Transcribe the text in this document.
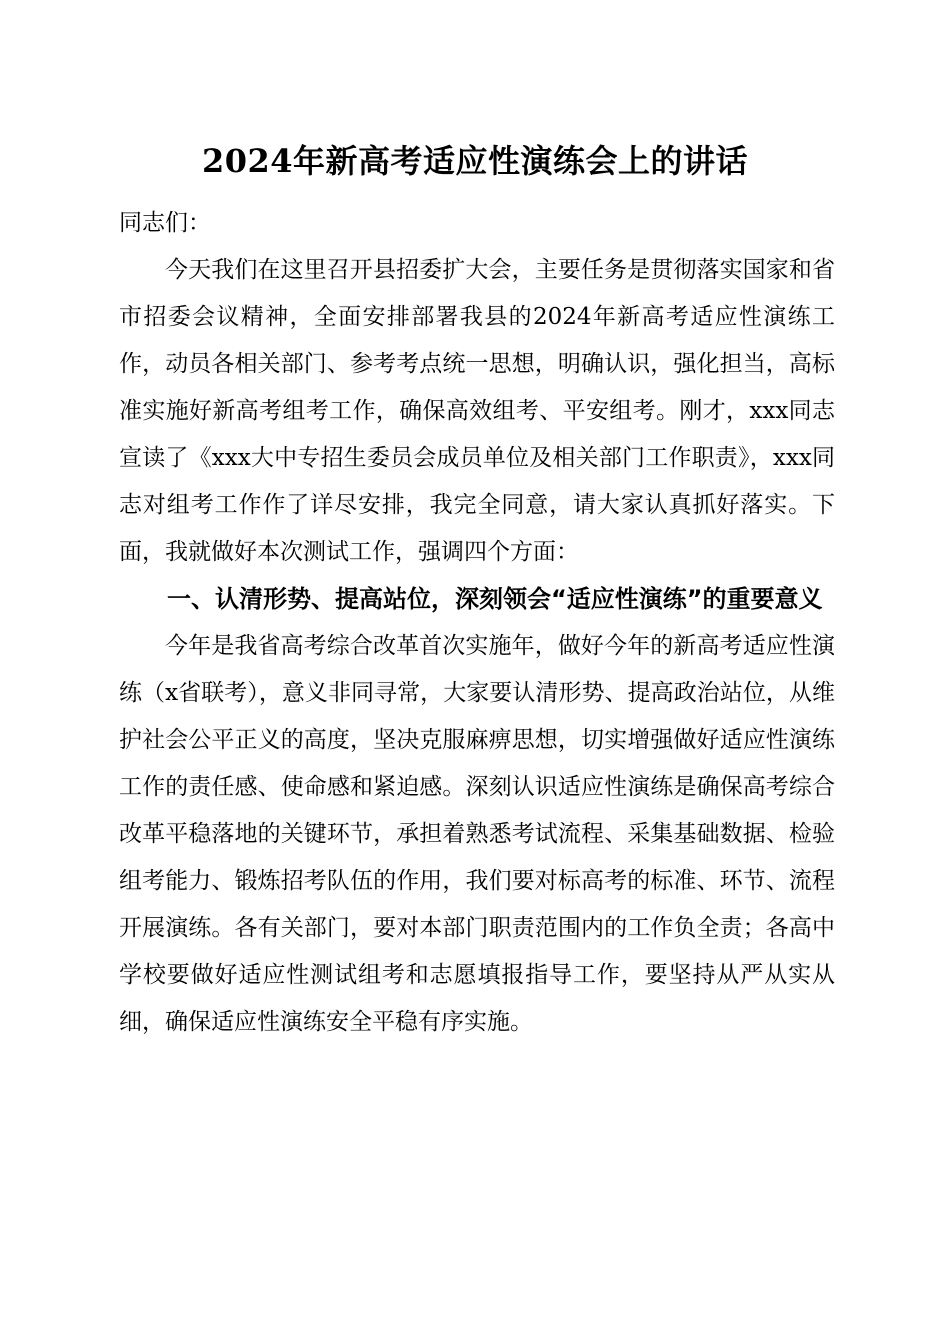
2024年新高考适应性演练会上的讲话

同志们：

今天我们在这里召开县招委扩大会，主要任务是贯彻落实国家和省市招委会议精神，全面安排部署我县的2024年新高考适应性演练工作，动员各相关部门、参考考点统一思想，明确认识，强化担当，高标准实施好新高考组考工作，确保高效组考、平安组考。刚才，xxx同志宣读了《xxx大中专招生委员会成员单位及相关部门工作职责》，xxx同志对组考工作作了详尽安排，我完全同意，请大家认真抓好落实。下面，我就做好本次测试工作，强调四个方面：

一、认清形势、提高站位，深刻领会“适应性演练”的重要意义

今年是我省高考综合改革首次实施年，做好今年的新高考适应性演练（x省联考），意义非同寻常，大家要认清形势、提高政治站位，从维护社会公平正义的高度，坚决克服麻痹思想，切实增强做好适应性演练工作的责任感、使命感和紧迫感。深刻认识适应性演练是确保高考综合改革平稳落地的关键环节，承担着熟悉考试流程、采集基础数据、检验组考能力、锻炼招考队伍的作用，我们要对标高考的标准、环节、流程开展演练。各有关部门，要对本部门职责范围内的工作负全责；各高中学校要做好适应性测试组考和志愿填报指导工作，要坚持从严从实从细，确保适应性演练安全平稳有序实施。
